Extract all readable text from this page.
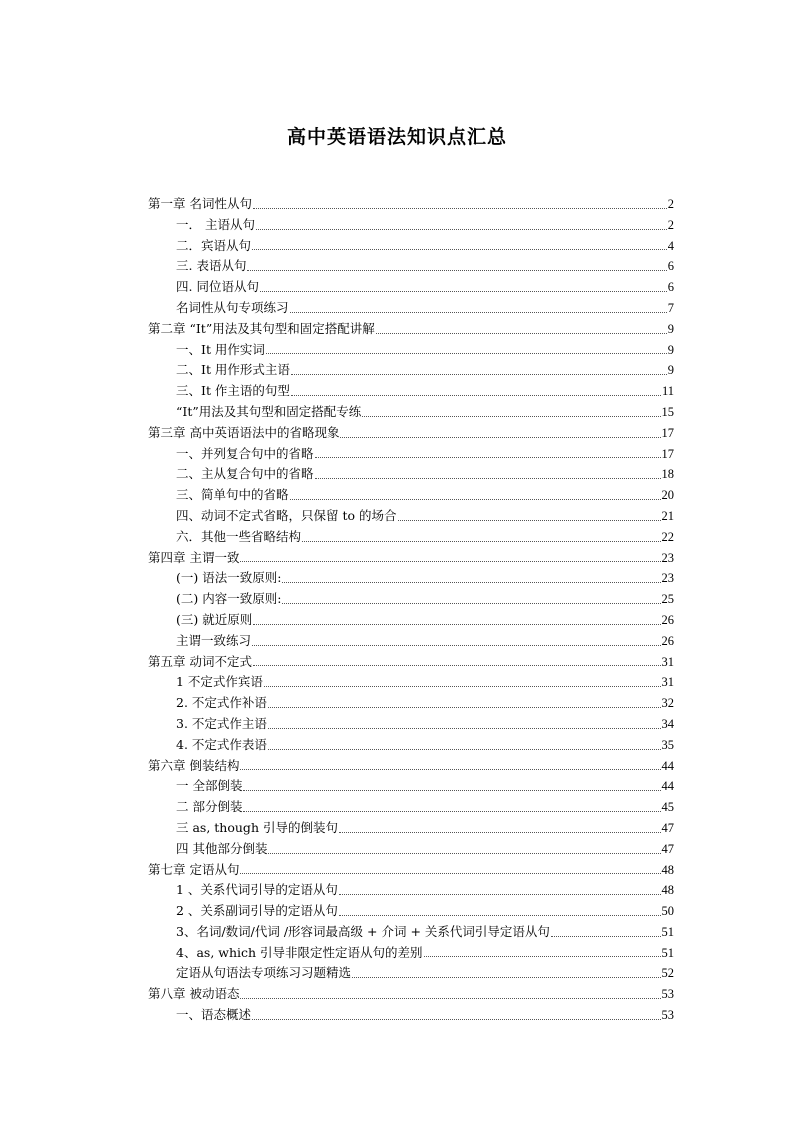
高中英语语法知识点汇总
第一章 名词性从句	2
一． 主语从句	2
二．宾语从句	4
三. 表语从句	6
四. 同位语从句	6
名词性从句专项练习	7
第二章 “It”用法及其句型和固定搭配讲解	9
一、It 用作实词	9
二、It 用作形式主语	9
三、It 作主语的句型	11
“It”用法及其句型和固定搭配专练	15
第三章 高中英语语法中的省略现象	17
一、并列复合句中的省略	17
二、主从复合句中的省略	18
三、简单句中的省略	20
四、动词不定式省略，只保留 to 的场合	21
六．其他一些省略结构	22
第四章 主谓一致	23
(一) 语法一致原则:	23
(二) 内容一致原则:	25
(三) 就近原则	26
主谓一致练习	26
第五章 动词不定式	31
1 不定式作宾语	31
2. 不定式作补语	32
3. 不定式作主语	34
4. 不定式作表语	35
第六章 倒装结构	44
一 全部倒装	44
二 部分倒装	45
三 as, though 引导的倒装句	47
四 其他部分倒装	47
第七章 定语从句	48
1 、关系代词引导的定语从句	48
2 、关系副词引导的定语从句	50
3、名词/数词/代词 /形容词最高级 + 介词 + 关系代词引导定语从句	51
4、as, which 引导非限定性定语从句的差别	51
定语从句语法专项练习习题精选	52
第八章 被动语态	53
一、语态概述	53
